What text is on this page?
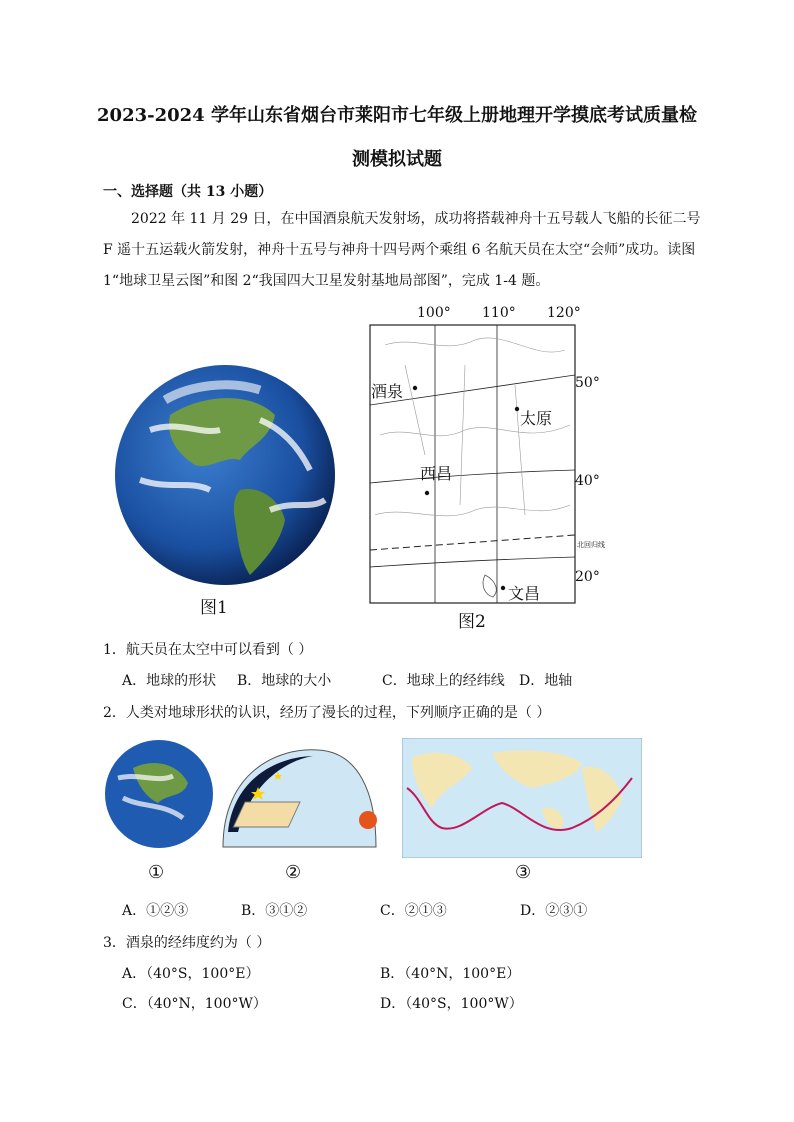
2023-2024 学年山东省烟台市莱阳市七年级上册地理开学摸底考试质量检
测模拟试题
一、选择题（共 13 小题）
2022 年 11 月 29 日，在中国酒泉航天发射场，成功将搭载神舟十五号载人飞船的长征二号 F 遥十五运载火箭发射，神舟十五号与神舟十四号两个乘组 6 名航天员在太空“会师”成功。读图 1“地球卫星云图”和图 2“我国四大卫星发射基地局部图”，完成 1-4 题。
图1
100° 110° 120°
50°
40°
20°
酒泉
太原
西昌
文昌
北回归线
图2
1．航天员在太空中可以看到（ ）
A．地球的形状 B．地球的大小	C．地球上的经纬线 D．地轴
2．人类对地球形状的认识，经历了漫长的过程，下列顺序正确的是（ ）
①	②	③
A．①②③	B．③①②	C．②①③	D．②③①
3．酒泉的经纬度约为（ ）
A．（40°S，100°E）	B．（40°N，100°E）
C．（40°N，100°W）	D．（40°S，100°W）
